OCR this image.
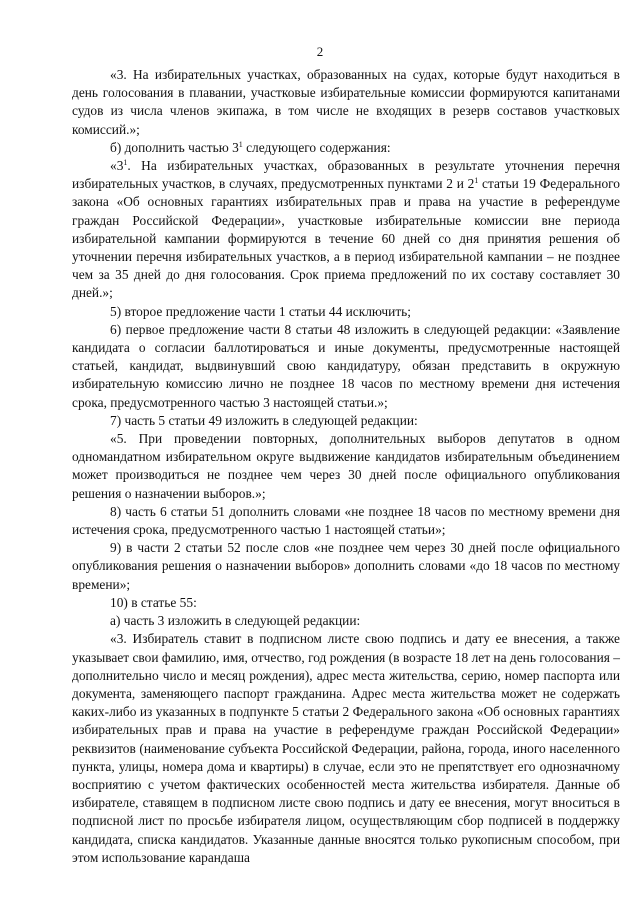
2

«3. На избирательных участках, образованных на судах, которые будут находиться в день голосования в плавании, участковые избирательные комиссии формируются капитанами судов из числа членов экипажа, в том числе не входящих в резерв составов участковых комиссий.»;

б) дополнить частью $3^1$ следующего содержания:

«$3^1$. На избирательных участках, образованных в результате уточнения перечня избирательных участков, в случаях, предусмотренных пунктами 2 и $2^1$ статьи 19 Федерального закона «Об основных гарантиях избирательных прав и права на участие в референдуме граждан Российской Федерации», участковые избирательные комиссии вне периода избирательной кампании формируются в течение 60 дней со дня принятия решения об уточнении перечня избирательных участков, а в период избирательной кампании – не позднее чем за 35 дней до дня голосования. Срок приема предложений по их составу составляет 30 дней.»;

5) второе предложение части 1 статьи 44 исключить;

6) первое предложение части 8 статьи 48 изложить в следующей редакции: «Заявление кандидата о согласии баллотироваться и иные документы, предусмотренные настоящей статьей, кандидат, выдвинувший свою кандидатуру, обязан представить в окружную избирательную комиссию лично не позднее 18 часов по местному времени дня истечения срока, предусмотренного частью 3 настоящей статьи.»;

7) часть 5 статьи 49 изложить в следующей редакции:

«5. При проведении повторных, дополнительных выборов депутатов в одном одномандатном избирательном округе выдвижение кандидатов избирательным объединением может производиться не позднее чем через 30 дней после официального опубликования решения о назначении выборов.»;

8) часть 6 статьи 51 дополнить словами «не позднее 18 часов по местному времени дня истечения срока, предусмотренного частью 1 настоящей статьи»;

9) в части 2 статьи 52 после слов «не позднее чем через 30 дней после официального опубликования решения о назначении выборов» дополнить словами «до 18 часов по местному времени»;

10) в статье 55:

а) часть 3 изложить в следующей редакции:

«3. Избиратель ставит в подписном листе свою подпись и дату ее внесения, а также указывает свои фамилию, имя, отчество, год рождения (в возрасте 18 лет на день голосования – дополнительно число и месяц рождения), адрес места жительства, серию, номер паспорта или документа, заменяющего паспорт гражданина. Адрес места жительства может не содержать каких-либо из указанных в подпункте 5 статьи 2 Федерального закона «Об основных гарантиях избирательных прав и права на участие в референдуме граждан Российской Федерации» реквизитов (наименование субъекта Российской Федерации, района, города, иного населенного пункта, улицы, номера дома и квартиры) в случае, если это не препятствует его однозначному восприятию с учетом фактических особенностей места жительства избирателя. Данные об избирателе, ставящем в подписном листе свою подпись и дату ее внесения, могут вноситься в подписной лист по просьбе избирателя лицом, осуществляющим сбор подписей в поддержку кандидата, списка кандидатов. Указанные данные вносятся только рукописным способом, при этом использование карандаша
